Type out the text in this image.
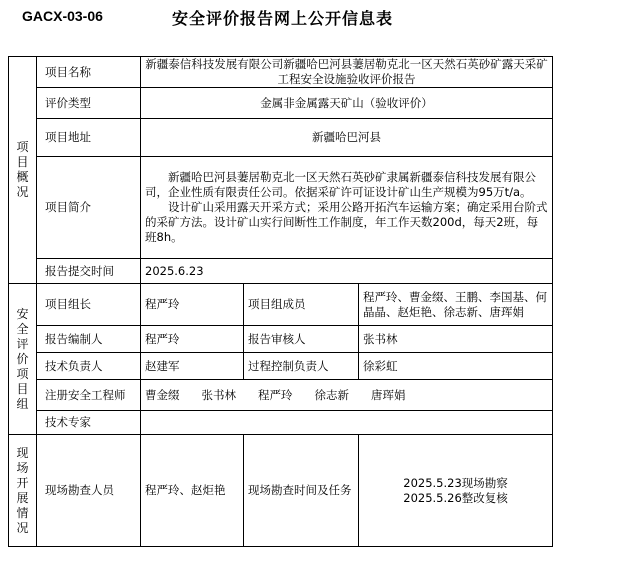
GACX-03-06	安全评价报告网上公开信息表
项目概况	项目名称	新疆泰信科技发展有限公司新疆哈巴河县萋居勒克北一区天然石英砂矿露天采矿工程安全设施验收评价报告		
	评价类型	金属非金属露天矿山（验收评价）		
	项目地址	新疆哈巴河县		
	项目简介	新疆哈巴河县萋居勒克北一区天然石英砂矿隶属新疆泰信科技发展有限公司，企业性质有限责任公司。依据采矿许可证设计矿山生产规模为95万t/a。

设计矿山采用露天开采方式；采用公路开拓汽车运输方案；确定采用台阶式的采矿方法。设计矿山实行间断性工作制度，年工作天数200d，每天2班，每班8h。		

	报告提交时间	2025.6.23		

安全评价项目组	项目组长	程严玲	项目组成员	程严玲、曹金缀、王鹏、李国基、何晶晶、赵炬艳、徐志新、唐珲娟
	报告编制人	程严玲	报告审核人	张书林
	技术负责人	赵建军	过程控制负责人	徐彩虹
	注册安全工程师	曹金缀 张书林 程严玲 徐志新 唐珲娟		
	技术专家			

现场开展情况	现场勘查人员	程严玲、赵炬艳	现场勘查时间及任务	2025.5.23现场勘察
2025.5.26整改复核
